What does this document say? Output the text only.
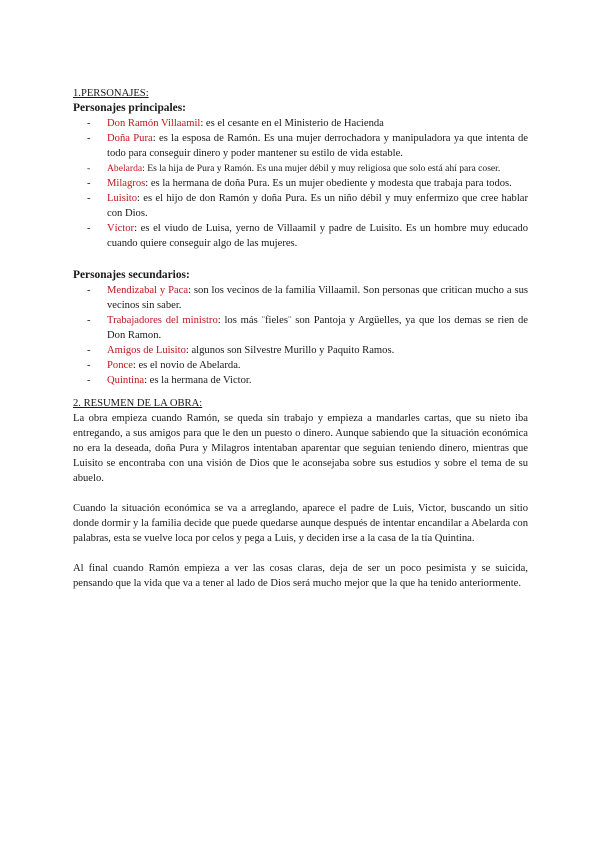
1.PERSONAJES:

Personajes principales:

- Don Ramón Villaamil: es el cesante en el Ministerio de Hacienda
- Doña Pura: es la esposa de Ramón. Es una mujer derrochadora y manipuladora ya que intenta de todo para conseguir dinero y poder mantener su estilo de vida estable.
- Abelarda: Es la hija de Pura y Ramón. Es una mujer débil y muy religiosa que solo está ahí para coser.
- Milagros: es la hermana de doña Pura. Es un mujer obediente y modesta que trabaja para todos.
- Luisito: es el hijo de don Ramón y doña Pura. Es un niño débil y muy enfermizo que cree hablar con Dios.
- Víctor: es el viudo de Luisa, yerno de Villaamil y padre de Luisito. Es un hombre muy educado cuando quiere conseguir algo de las mujeres.

Personajes secundarios:

- Mendizabal y Paca: son los vecinos de la familia Villaamil. Son personas que critican mucho a sus vecinos sin saber.
- Trabajadores del ministro: los más ¨fieles¨ son Pantoja y Argüelles, ya que los demas se rien de Don Ramon.
- Amigos de Luisito: algunos son Silvestre Murillo y Paquito Ramos.
- Ponce: es el novio de Abelarda.
- Quintina: es la hermana de Victor.

2. RESUMEN DE LA OBRA:

La obra empieza cuando Ramón, se queda sin trabajo y empieza a mandarles cartas, que su nieto iba entregando, a sus amigos para que le den un puesto o dinero. Aunque sabiendo que la situación económica no era la deseada, doña Pura y Milagros intentaban aparentar que seguian teniendo dinero, mientras que Luisito se encontraba con una visión de Dios que le aconsejaba sobre sus estudios y sobre el tema de su abuelo.

Cuando la situación económica se va a arreglando, aparece el padre de Luis, Victor, buscando un sitio donde dormir y la familia decide que puede quedarse aunque después de intentar encandilar a Abelarda con palabras, esta se vuelve loca por celos y pega a Luis, y deciden irse a la casa de la tía Quintina.

Al final cuando Ramón empieza a ver las cosas claras, deja de ser un poco pesimista y se suicida, pensando que la vida que va a tener al lado de Dios será mucho mejor que la que ha tenido anteriormente.
